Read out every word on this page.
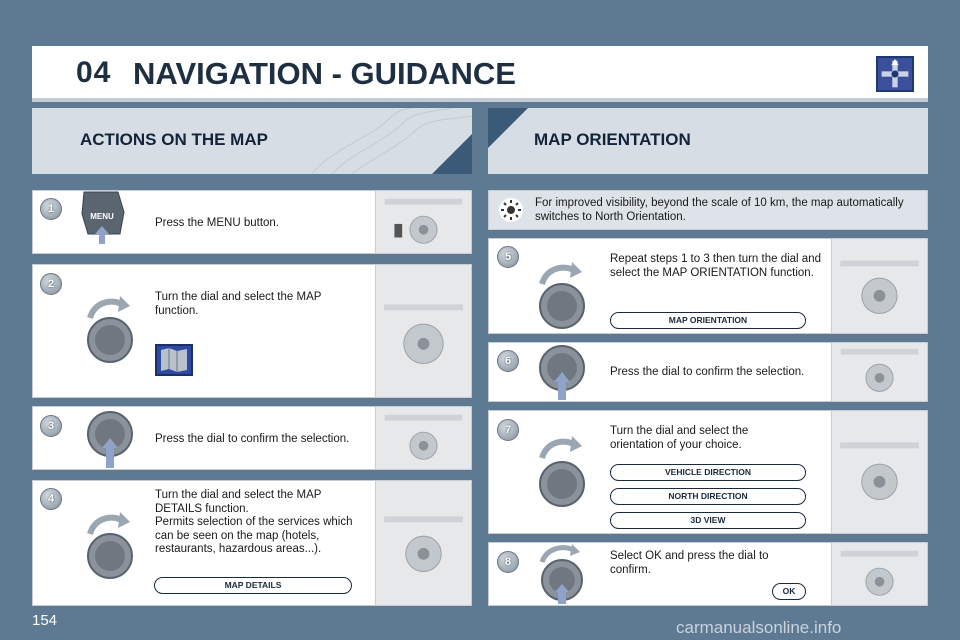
04 NAVIGATION - GUIDANCE
ACTIONS ON THE MAP	MAP ORIENTATION
Press the MENU button.
1
MENU
Turn the dial and select the MAP function.
2
Press the dial to confirm the selection.
3
Turn the dial and select the MAP DETAILS function.
Permits selection of the services which can be seen on the map (hotels, restaurants, hazardous areas...).
4
MAP DETAILS
For improved visibility, beyond the scale of 10 km, the map automatically switches to North Orientation.
Repeat steps 1 to 3 then turn the dial and select the MAP ORIENTATION function.
5
MAP ORIENTATION
Press the dial to confirm the selection.
6
Turn the dial and select the orientation of your choice.
7
VEHICLE DIRECTION
NORTH DIRECTION
3D VIEW
Select OK and press the dial to confirm.
8
OK
154	carmanualsonline.info
